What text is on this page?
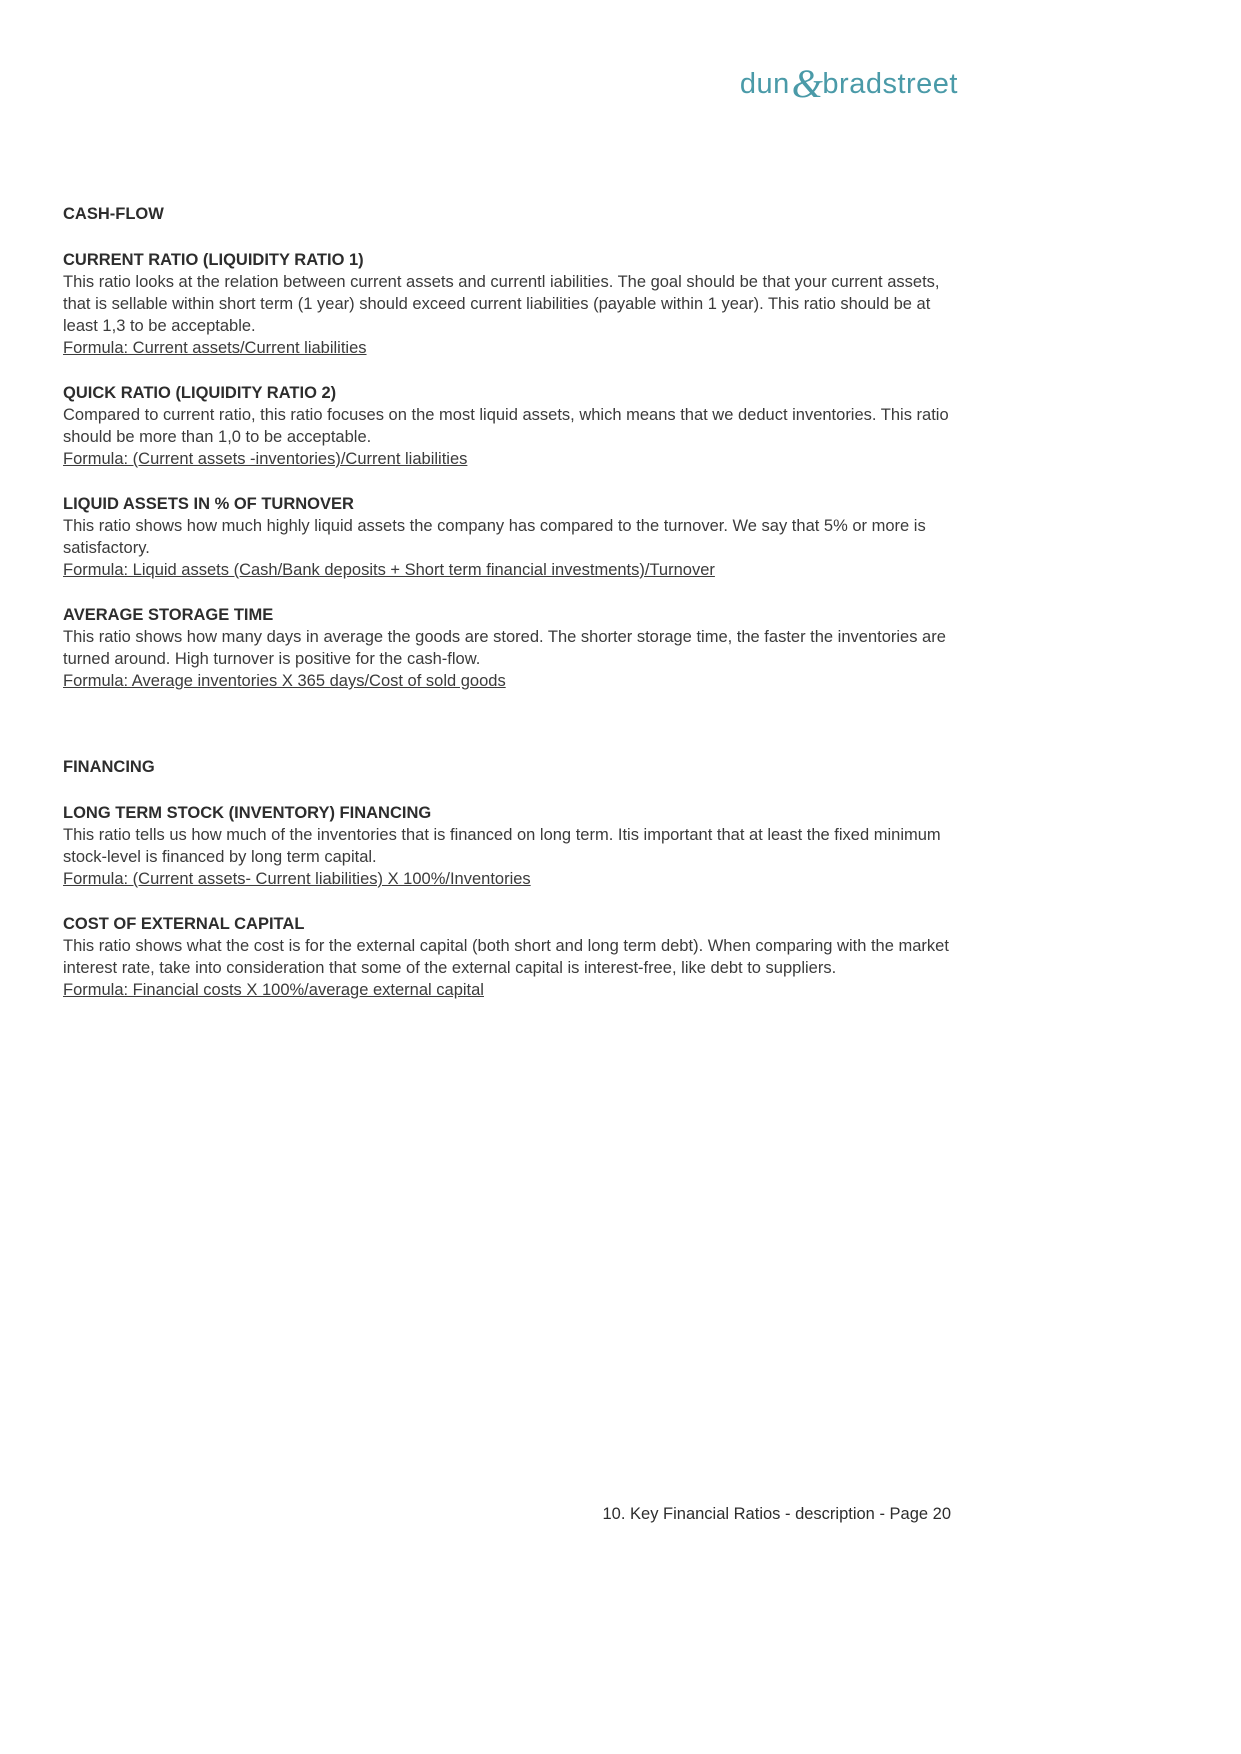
dun&bradstreet
CASH-FLOW
CURRENT RATIO (LIQUIDITY RATIO 1)
This ratio looks at the relation between current assets and currentl iabilities. The goal should be that your current assets, that is sellable within short term (1 year) should exceed current liabilities (payable within 1 year). This ratio should be at least 1,3 to be acceptable.
Formula: Current assets/Current liabilities
QUICK RATIO (LIQUIDITY RATIO 2)
Compared to current ratio, this ratio focuses on the most liquid assets, which means that we deduct inventories. This ratio should be more than 1,0 to be acceptable.
Formula: (Current assets -inventories)/Current liabilities
LIQUID ASSETS IN % OF TURNOVER
This ratio shows how much highly liquid assets the company has compared to the turnover. We say that 5% or more is satisfactory.
Formula: Liquid assets (Cash/Bank deposits + Short term financial investments)/Turnover
AVERAGE STORAGE TIME
This ratio shows how many days in average the goods are stored. The shorter storage time, the faster the inventories are turned around. High turnover is positive for the cash-flow.
Formula: Average inventories X 365 days/Cost of sold goods
FINANCING
LONG TERM STOCK (INVENTORY) FINANCING
This ratio tells us how much of the inventories that is financed on long term. Itis important that at least the fixed minimum stock-level is financed by long term capital.
Formula: (Current assets- Current liabilities) X 100%/Inventories
COST OF EXTERNAL CAPITAL
This ratio shows what the cost is for the external capital (both short and long term debt). When comparing with the market interest rate, take into consideration that some of the external capital is interest-free, like debt to suppliers.
Formula: Financial costs X 100%/average external capital
10. Key Financial Ratios - description - Page 20
